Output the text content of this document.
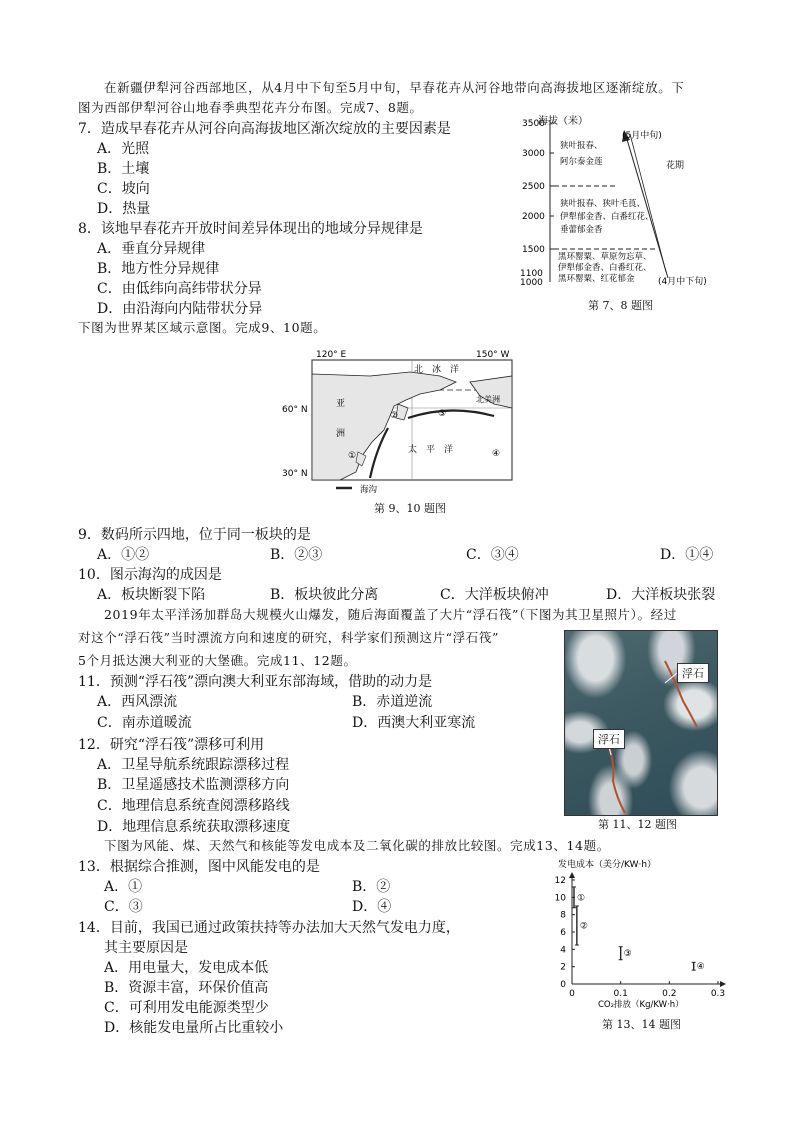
在新疆伊犁河谷西部地区，从4月中下旬至5月中旬，早春花卉从河谷地带向高海拔地区逐渐绽放。下
图为西部伊犁河谷山地春季典型花卉分布图。完成7、8题。
7．造成早春花卉从河谷向高海拔地区渐次绽放的主要因素是
A．光照
B．土壤
C．坡向
D．热量
8．该地早春花卉开放时间差异体现出的地域分异规律是
A．垂直分异规律
B．地方性分异规律
C．由低纬向高纬带状分异
D．由沿海向内陆带状分异
海拔（米）
3500
3000
2500
2000
1500
1100
1000
狭叶报春、
阿尔泰金莲
狭叶报春、狭叶毛莨、
伊犁郁金香、白番红花、
垂蕾郁金香
黑环罂粟、草原勿忘草、
伊犁郁金香、白番红花、
黑环罂粟、红花郁金
(5月中旬)
花期
(4月中下旬)
第 7、8 题图
下图为世界某区域示意图。完成9、10题。
120° E	150° W
60° N
30° N
海沟
北　冰　洋
北美洲
亚
洲
太　平　洋
①
②	③
④
第 9、10 题图
9．数码所示四地，位于同一板块的是
A．①②	B．②③	C．③④	D．①④
10．图示海沟的成因是
A．板块断裂下陷	B．板块彼此分离	C．大洋板块俯冲	D．大洋板块张裂
2019年太平洋汤加群岛大规模火山爆发，随后海面覆盖了大片“浮石筏”（下图为其卫星照片）。经过
对这个“浮石筏”当时漂流方向和速度的研究，科学家们预测这片“浮石筏”
5个月抵达澳大利亚的大堡礁。完成11、12题。
浮石
浮石
第 11、12 题图
11．预测“浮石筏”漂向澳大利亚东部海域，借助的动力是
A．西风漂流	B．赤道逆流
C．南赤道暖流	D．西澳大利亚寒流
12．研究“浮石筏”漂移可利用
A．卫星导航系统跟踪漂移过程
B．卫星遥感技术监测漂移方向
C．地理信息系统查阅漂移路线
D．地理信息系统获取漂移速度
下图为风能、煤、天然气和核能等发电成本及二氧化碳的排放比较图。完成13、14题。
13．根据综合推测，图中风能发电的是
A．①	B．②
C．③	D．④
14．目前，我国已通过政策扶持等办法加大天然气发电力度，
其主要原因是
A．用电量大，发电成本低
B．资源丰富，环保价值高
C．可利用发电能源类型少
D．核能发电量所占比重较小
发电成本（美分/KW·h）
0
2
4
6
8
10
12
0	0.1	0.2	0.3
①
②
③
④
CO₂排放（Kg/KW·h）
第 13、14 题图
